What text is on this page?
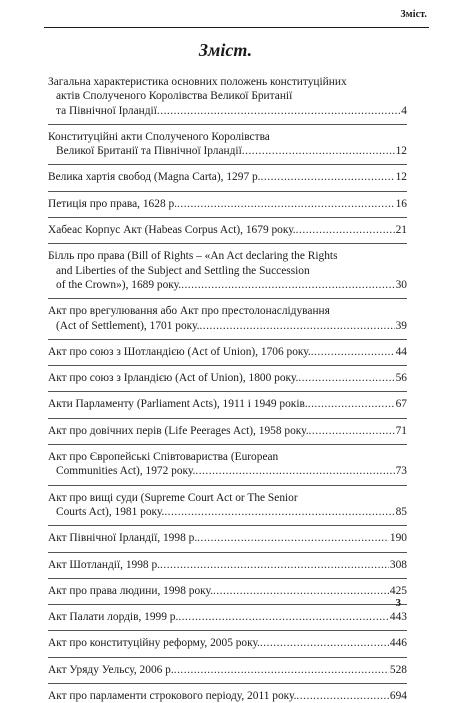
Зміст.
Зміст.
Загальна характеристика основних положень конституційних
актів Сполученого Королівства Великої Британії
та Північної Ірландії .....	4
Конституційні акти Сполученого Королівства
Великої Британії та Північної Ірландії .....	12
Велика хартія свобод (Magna Carta), 1297 р. .....	12
Петиція про права, 1628 р. .....	16
Хабеас Корпус Акт (Habeas Corpus Act), 1679 року. .....	21
Білль про права (Bill of Rights – «An Act declaring the Rights
and Liberties of the Subject and Settling the Succession
of the Crown»), 1689 року. .....	30
Акт про врегулювання або Акт про престолонаслідування
(Act of Settlement), 1701 року. .....	39
Акт про союз з Шотландією (Act of Union), 1706 року. .....	44
Акт про союз з Ірландією (Act of Union), 1800 року. .....	56
Акти Парламенту (Parliament Acts), 1911 і 1949 років. .....	67
Акт про довічних перів (Life Peerages Act), 1958 року. .....	71
Акт про Європейські Співтовариства (European
Communities Act), 1972 року. .....	73
Акт про вищі суди (Supreme Court Act or The Senior
Courts Act), 1981 року. .....	85
Акт Північної Ірландії, 1998 р. .....	190
Акт Шотландії, 1998 р. .....	308
Акт про права людини, 1998 року. .....	425
Акт Палати лордів, 1999 р. .....	443
Акт про конституційну реформу, 2005 року. .....	446
Акт Уряду Уельсу, 2006 р. .....	528
Акт про парламенти строкового періоду, 2011 року. .....	694
3
